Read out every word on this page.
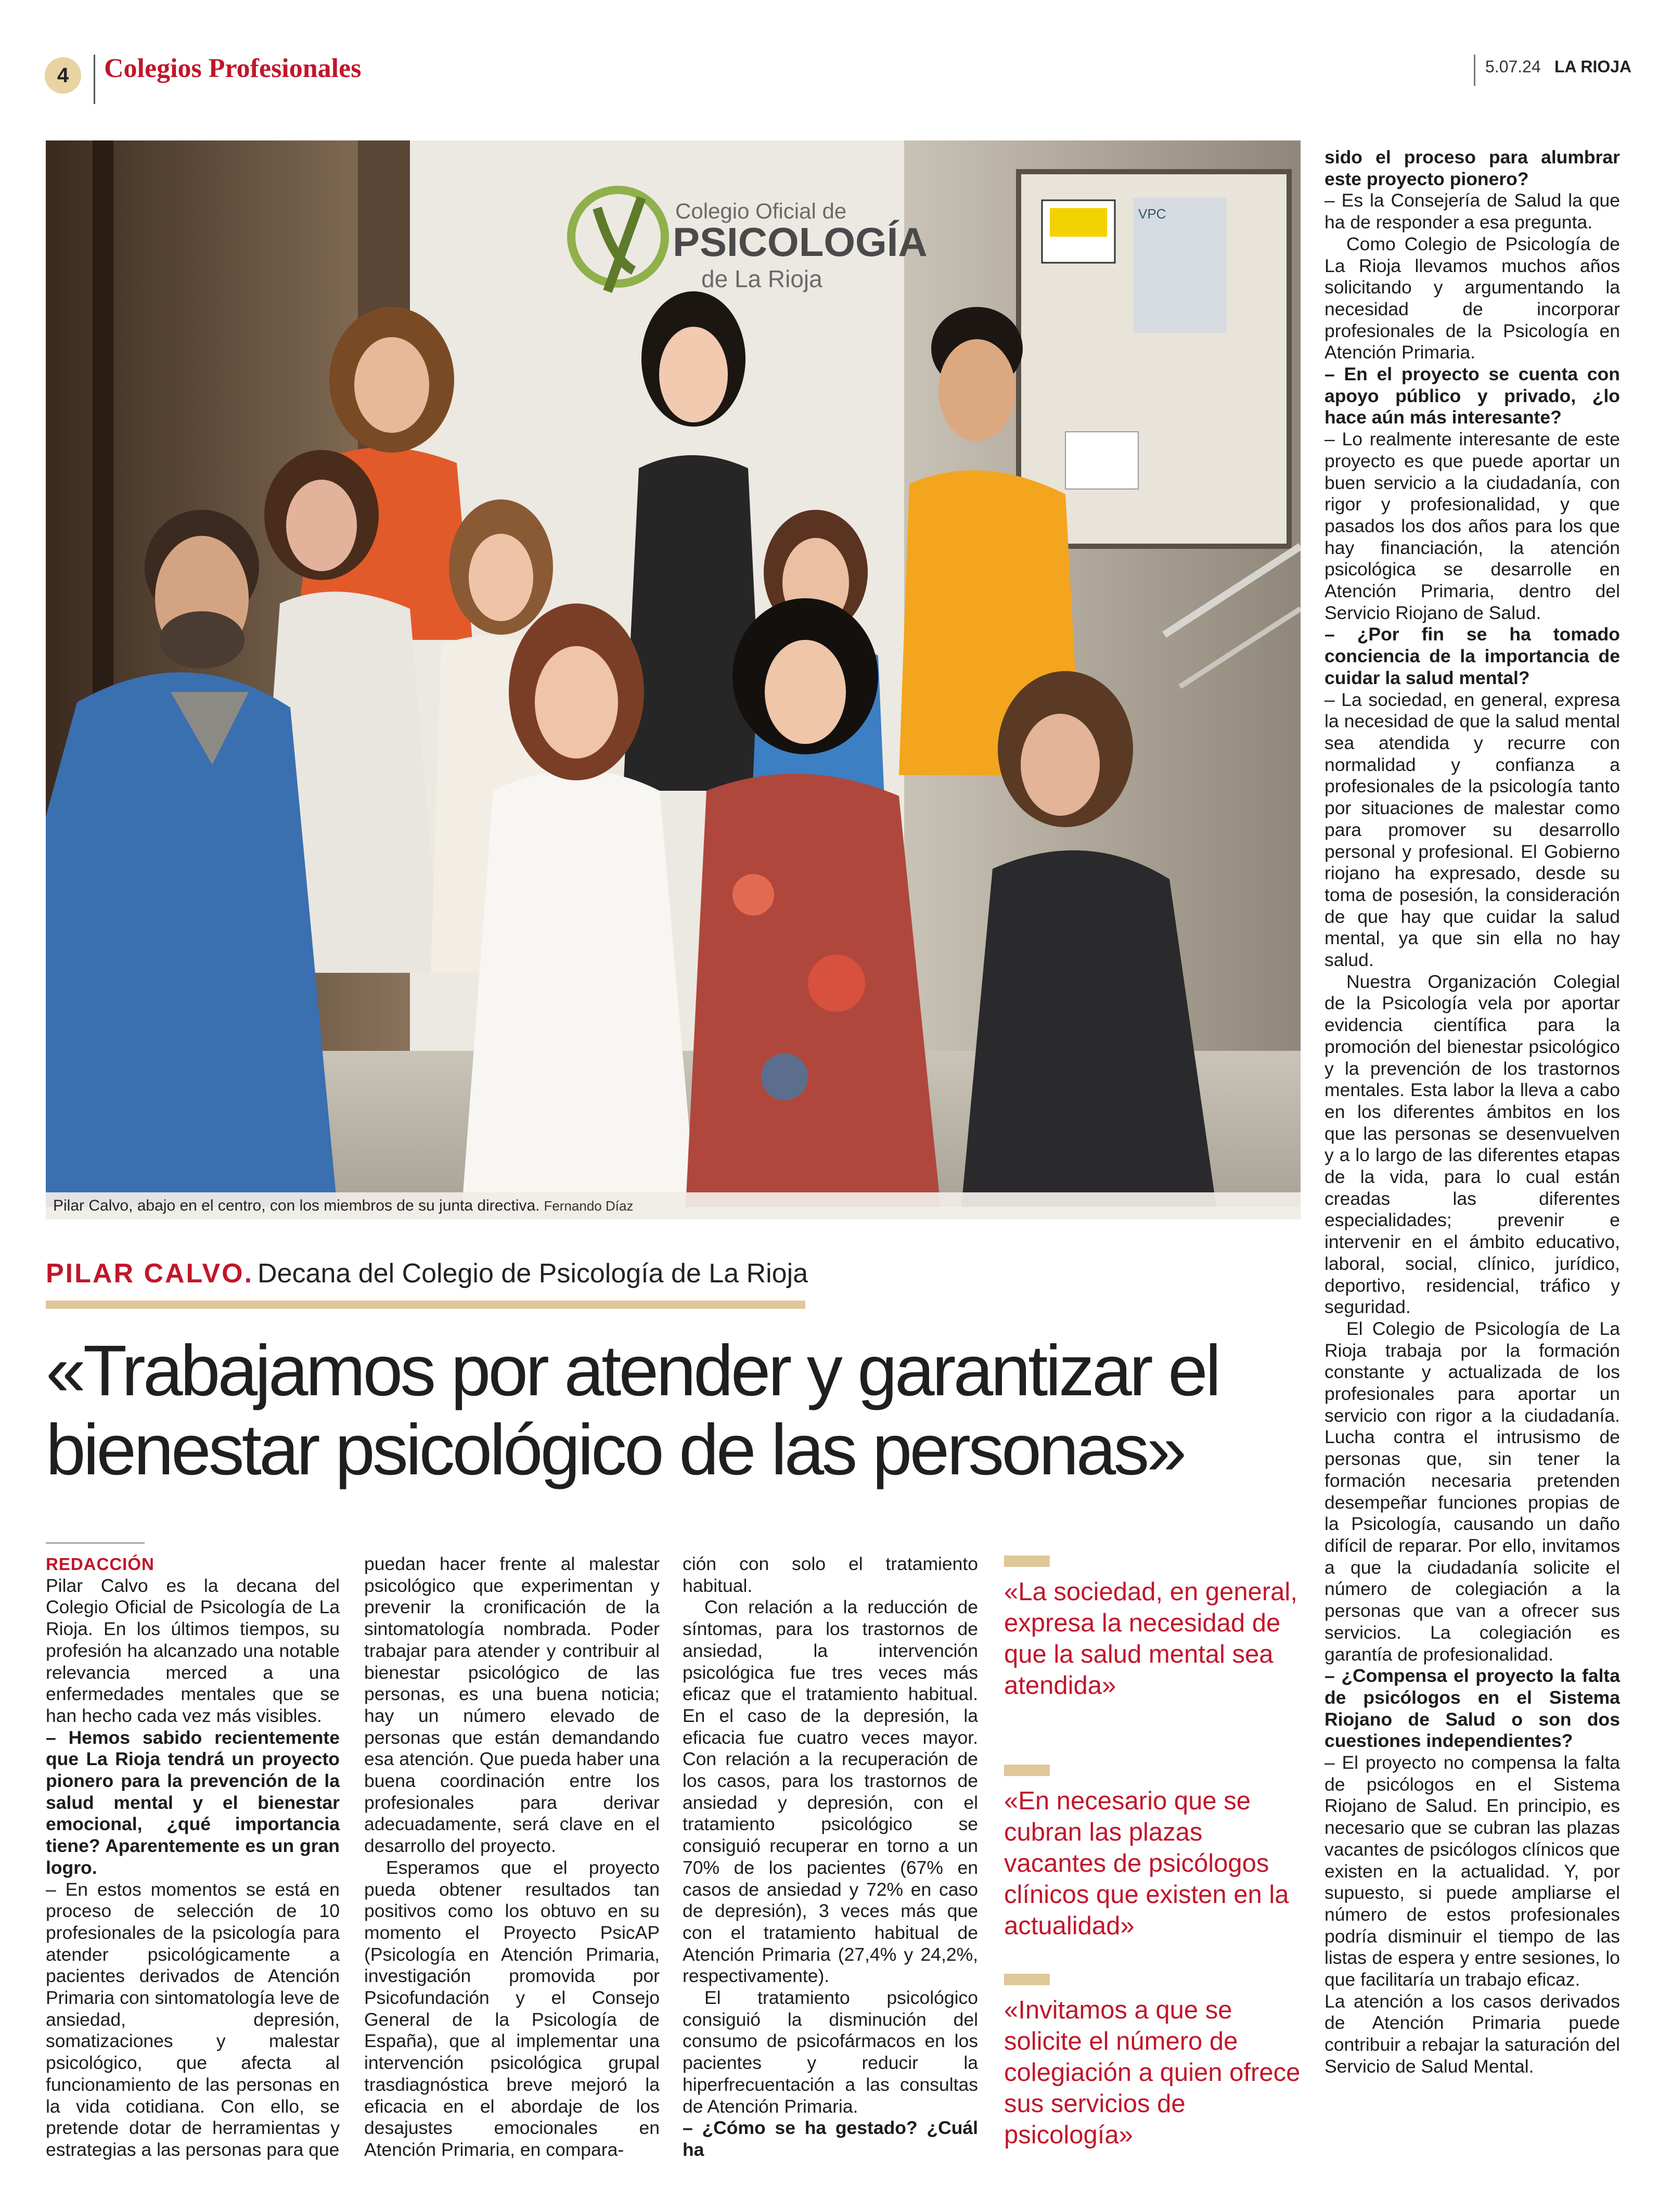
4	Colegios Profesionales	5.07.24 LA RIOJA
VPC
Colegio Oficial de
PSICOLOGÍA
de La Rioja
Pilar Calvo, abajo en el centro, con los miembros de su junta directiva. Fernando Díaz
PILAR CALVO. Decana del Colegio de Psicología de La Rioja
«Trabajamos por atender y garantizar el bienestar psicológico de las personas»

REDACCIÓN

Pilar Calvo es la decana del Colegio Oficial de Psicología de La Rioja. En los últimos tiempos, su profesión ha alcanzado una notable relevancia merced a una enfermedades mentales que se han hecho cada vez más visibles.

– Hemos sabido recientemente que La Rioja tendrá un proyecto pionero para la prevención de la salud mental y el bienestar emocional, ¿qué importancia tiene? Aparentemente es un gran logro.

– En estos momentos se está en proceso de selección de 10 profesionales de la psicología para atender psicológicamente a pacientes derivados de Atención Primaria con sintomatología leve de ansiedad, depresión, somatizaciones y malestar psicológico, que afecta al funcionamiento de las personas en la vida cotidiana. Con ello, se pretende dotar de herramientas y estrategias a las personas para que

puedan hacer frente al malestar psicológico que experimentan y prevenir la cronificación de la sintomatología nombrada. Poder trabajar para atender y contribuir al bienestar psicológico de las personas, es una buena noticia; hay un número elevado de personas que están demandando esa atención. Que pueda haber una buena coordinación entre los profesionales para derivar adecuadamente, será clave en el desarrollo del proyecto.

Esperamos que el proyecto pueda obtener resultados tan positivos como los obtuvo en su momento el Proyecto PsicAP (Psicología en Atención Primaria, investigación promovida por Psicofundación y el Consejo General de la Psicología de España), que al implementar una intervención psicológica grupal trasdiagnóstica breve mejoró la eficacia en el abordaje de los desajustes emocionales en Atención Primaria, en compara-

ción con solo el tratamiento habitual.

Con relación a la reducción de síntomas, para los trastornos de ansiedad, la intervención psicológica fue tres veces más eficaz que el tratamiento habitual. En el caso de la depresión, la eficacia fue cuatro veces mayor. Con relación a la recuperación de los casos, para los trastornos de ansiedad y depresión, con el tratamiento psicológico se consiguió recuperar en torno a un 70% de los pacientes (67% en casos de ansiedad y 72% en caso de depresión), 3 veces más que con el tratamiento habitual de Atención Primaria (27,4% y 24,2%, respectivamente).

El tratamiento psicológico consiguió la disminución del consumo de psicofármacos en los pacientes y reducir la hiperfrecuentación a las consultas de Atención Primaria.

– ¿Cómo se ha gestado? ¿Cuál ha

«La sociedad, en general, expresa la necesidad de que la salud mental sea atendida»

«En necesario que se cubran las plazas vacantes de psicólogos clínicos que existen en la actualidad»

«Invitamos a que se solicite el número de colegiación a quien ofrece sus servicios de psicología»

sido el proceso para alumbrar este proyecto pionero?

– Es la Consejería de Salud la que ha de responder a esa pregunta.

Como Colegio de Psicología de La Rioja llevamos muchos años solicitando y argumentando la necesidad de incorporar profesionales de la Psicología en Atención Primaria.

– En el proyecto se cuenta con apoyo público y privado, ¿lo hace aún más interesante?

– Lo realmente interesante de este proyecto es que puede aportar un buen servicio a la ciudadanía, con rigor y profesionalidad, y que pasados los dos años para los que hay financiación, la atención psicológica se desarrolle en Atención Primaria, dentro del Servicio Riojano de Salud.

– ¿Por fin se ha tomado conciencia de la importancia de cuidar la salud mental?

– La sociedad, en general, expresa la necesidad de que la salud mental sea atendida y recurre con normalidad y confianza a profesionales de la psicología tanto por situaciones de malestar como para promover su desarrollo personal y profesional. El Gobierno riojano ha expresado, desde su toma de posesión, la consideración de que hay que cuidar la salud mental, ya que sin ella no hay salud.

Nuestra Organización Colegial de la Psicología vela por aportar evidencia científica para la promoción del bienestar psicológico y la prevención de los trastornos mentales. Esta labor la lleva a cabo en los diferentes ámbitos en los que las personas se desenvuelven y a lo largo de las diferentes etapas de la vida, para lo cual están creadas las diferentes especialidades; prevenir e intervenir en el ámbito educativo, laboral, social, clínico, jurídico, deportivo, residencial, tráfico y seguridad.

El Colegio de Psicología de La Rioja trabaja por la formación constante y actualizada de los profesionales para aportar un servicio con rigor a la ciudadanía. Lucha contra el intrusismo de personas que, sin tener la formación necesaria pretenden desempeñar funciones propias de la Psicología, causando un daño difícil de reparar. Por ello, invitamos a que la ciudadanía solicite el número de colegiación a la personas que van a ofrecer sus servicios. La colegiación es garantía de profesionalidad.

– ¿Compensa el proyecto la falta de psicólogos en el Sistema Riojano de Salud o son dos cuestiones independientes?

– El proyecto no compensa la falta de psicólogos en el Sistema Riojano de Salud. En principio, es necesario que se cubran las plazas vacantes de psicólogos clínicos que existen en la actualidad. Y, por supuesto, si puede ampliarse el número de estos profesionales podría disminuir el tiempo de las listas de espera y entre sesiones, lo que facilitaría un trabajo eficaz.

La atención a los casos derivados de Atención Primaria puede contribuir a rebajar la saturación del Servicio de Salud Mental.
